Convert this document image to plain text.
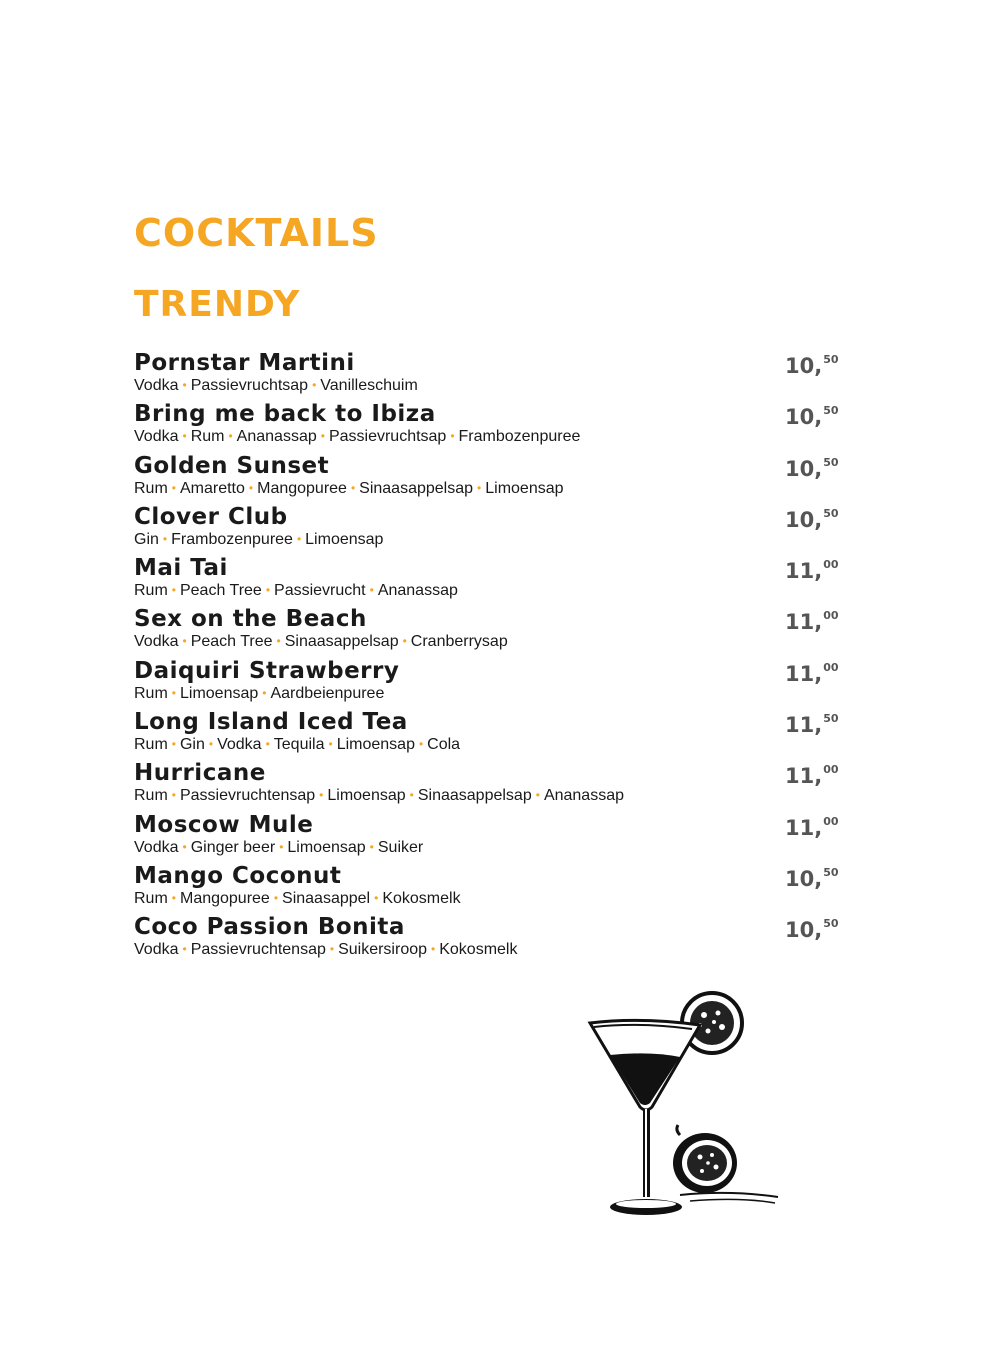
COCKTAILS
TRENDY
Pornstar Martini
Vodka • Passievruchtsap • Vanilleschuim
10,50
Bring me back to Ibiza
Vodka • Rum • Ananassap • Passievruchtsap • Frambozenpuree
10,50
Golden Sunset
Rum • Amaretto • Mangopuree • Sinaasappelsap • Limoensap
10,50
Clover Club
Gin • Frambozenpuree • Limoensap
10,50
Mai Tai
Rum • Peach Tree • Passievrucht • Ananassap
11,00
Sex on the Beach
Vodka • Peach Tree • Sinaasappelsap • Cranberrysap
11,00
Daiquiri Strawberry
Rum • Limoensap • Aardbeienpuree
11,00
Long Island Iced Tea
Rum • Gin • Vodka • Tequila • Limoensap • Cola
11,50
Hurricane
Rum • Passievruchtensap • Limoensap • Sinaasappelsap • Ananassap
11,00
Moscow Mule
Vodka • Ginger beer • Limoensap • Suiker
11,00
Mango Coconut
Rum • Mangopuree • Sinaasappel • Kokosmelk
10,50
Coco Passion Bonita
Vodka • Passievruchtensap • Suikersiroop • Kokosmelk
10,50
